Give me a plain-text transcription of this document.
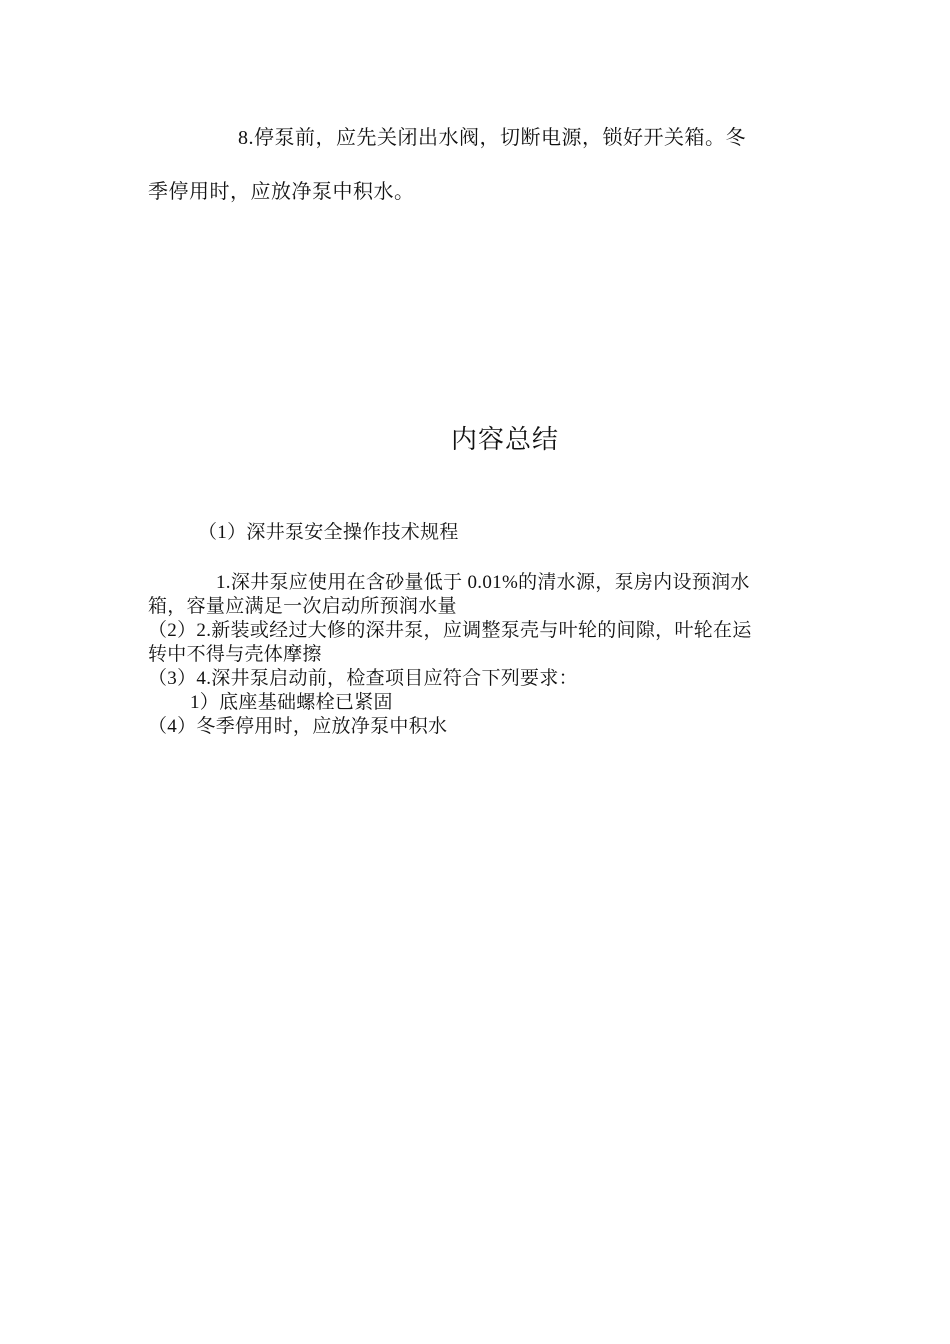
8.停泵前，应先关闭出水阀，切断电源，锁好开关箱。冬
季停用时，应放净泵中积水。
内容总结
（1）深井泵安全操作技术规程
1.深井泵应使用在含砂量低于 0.01%的清水源，泵房内设预润水
箱，容量应满足一次启动所预润水量
（2）2.新装或经过大修的深井泵，应调整泵壳与叶轮的间隙，叶轮在运
转中不得与壳体摩擦
（3）4.深井泵启动前，检查项目应符合下列要求：
1）底座基础螺栓已紧固
（4）冬季停用时，应放净泵中积水
